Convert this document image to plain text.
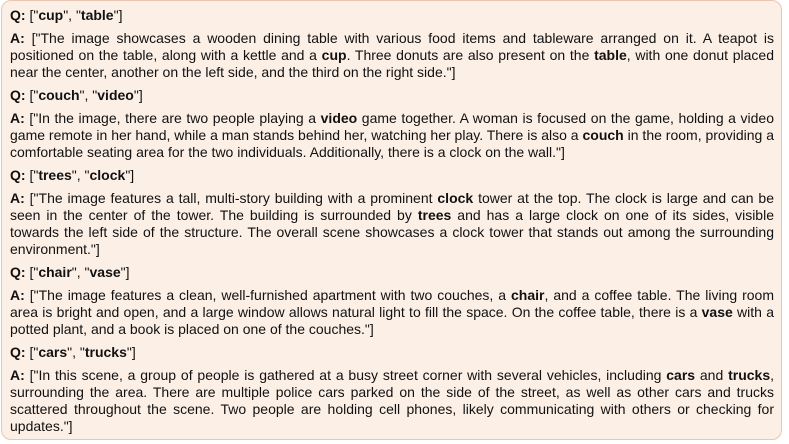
Q: ["cup", "table"]

A: ["The image showcases a wooden dining table with various food items and tableware arranged on it. A teapot is positioned on the table, along with a kettle and a cup. Three donuts are also present on the table, with one donut placed near the center, another on the left side, and the third on the right side."]

Q: ["couch", "video"]

A: ["In the image, there are two people playing a video game together. A woman is focused on the game, holding a video game remote in her hand, while a man stands behind her, watching her play. There is also a couch in the room, providing a comfortable seating area for the two individuals. Additionally, there is a clock on the wall."]

Q: ["trees", "clock"]

A: ["The image features a tall, multi-story building with a prominent clock tower at the top. The clock is large and can be seen in the center of the tower. The building is surrounded by trees and has a large clock on one of its sides, visible towards the left side of the structure. The overall scene showcases a clock tower that stands out among the surrounding environment."]

Q: ["chair", "vase"]

A: ["The image features a clean, well-furnished apartment with two couches, a chair, and a coffee table. The living room area is bright and open, and a large window allows natural light to fill the space. On the coffee table, there is a vase with a potted plant, and a book is placed on one of the couches."]

Q: ["cars", "trucks"]

A: ["In this scene, a group of people is gathered at a busy street corner with several vehicles, including cars and trucks, surrounding the area. There are multiple police cars parked on the side of the street, as well as other cars and trucks scattered throughout the scene. Two people are holding cell phones, likely communicating with others or checking for updates."]
